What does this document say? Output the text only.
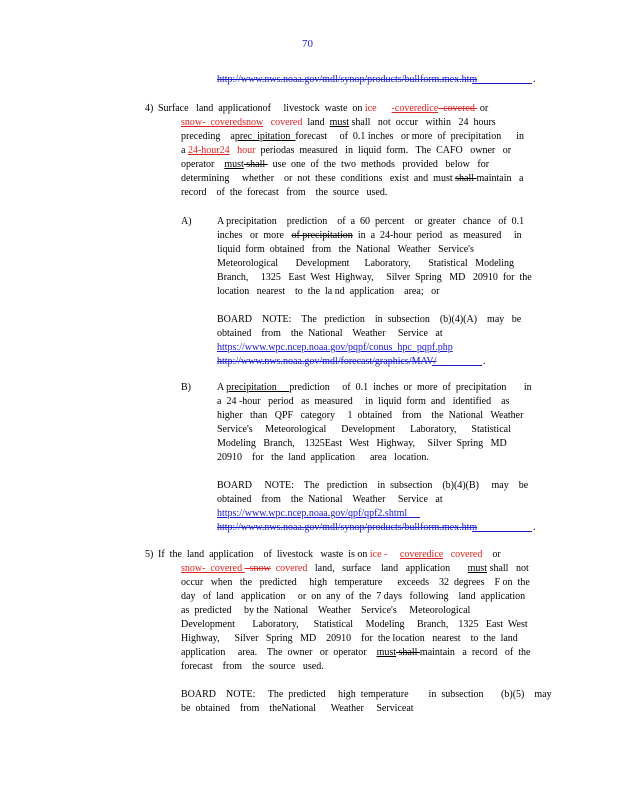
70
http://www.nws.noaa.gov/mdl/synop/products/bullform.mex.htm	.
4) Surface   land  applicationof     livestock  waste  on ice -coveredice  covered  or
snow-  coveredsnow   covered  land  must shall   not  occur   within   24  hours
preceding    aprec  ipitation  forecast     of  0.1 inches   or more  of  precipitation      in
a 24-hour24   hour  periodas  measured   in  liquid  form.   The  CAFO   owner   or
operator    must shall   use  one  of  the  two  methods   provided   below   for
determining     whether    or  not  these  conditions   exist  and  must shall maintain   a
record    of  the  forecast   from    the  source   used.
A)	A precipitation    prediction    of  a  60  percent    or  greater   chance   of  0.1
inches   or  more   of precipitation  in  a  24-hour  period   as  measured     in
liquid  form  obtained   from   the  National   Weather   Service's
Meteorological       Development      Laboratory,       Statistical   Modeling
Branch,     1325   East  West  Highway,     Silver  Spring   MD   20910  for  the
location   nearest    to  the  la nd  application    area;   or
BOARD    NOTE:    The   prediction    in  subsection    (b)(4)(A)    may   be
obtained    from    the  National    Weather     Service   at
https://www.wpc.ncep.noaa.gov/pqpf/conus_hpc_pqpf.php
http://www.nws.noaa.gov/mdl/forecast/graphics/MAV/	.
B)	A precipitation     prediction     of  0.1  inches  or  more  of  precipitation       in
a  24 -hour   period   as  measured     in  liquid  form  and   identified    as
higher   than   QPF   category     1  obtained    from    the  National   Weather
Service's     Meteorological      Development      Laboratory,      Statistical
Modeling   Branch,    1325East   West   Highway,     Silver  Spring   MD
20910    for   the  land  application      area   location.
BOARD     NOTE:    The   prediction    in  subsection    (b)(4)(B)     may    be
obtained    from    the  National    Weather     Service   at
https://www.wpc.ncep.noaa.gov/qpf/qpf2.shtml
http://www.nws.noaa.gov/mdl/synop/products/bullform.mex.htm	.
5) If  the  land  application    of  livestock   waste  is on ice - coveredice   covered    or
snow-  covered   snow  covered   land,   surface    land   application       must shall   not
occur   when   the   predicted     high   temperature      exceeds    32  degrees    F on  the
day   of  land   application     or  on  any  of  the  7 days   following    land  application
as  predicted     by the  National    Weather    Service's     Meteorological
Development       Laboratory,      Statistical     Modeling     Branch,    1325   East  West
Highway,      Silver   Spring   MD    20910    for  the location   nearest    to  the  land
application     area.    The  owner   or  operator    must shall maintain   a  record   of  the
forecast    from    the  source   used.
BOARD    NOTE:     The  predicted     high  temperature        in  subsection       (b)(5)    may
be  obtained    from    theNational      Weather     Serviceat
